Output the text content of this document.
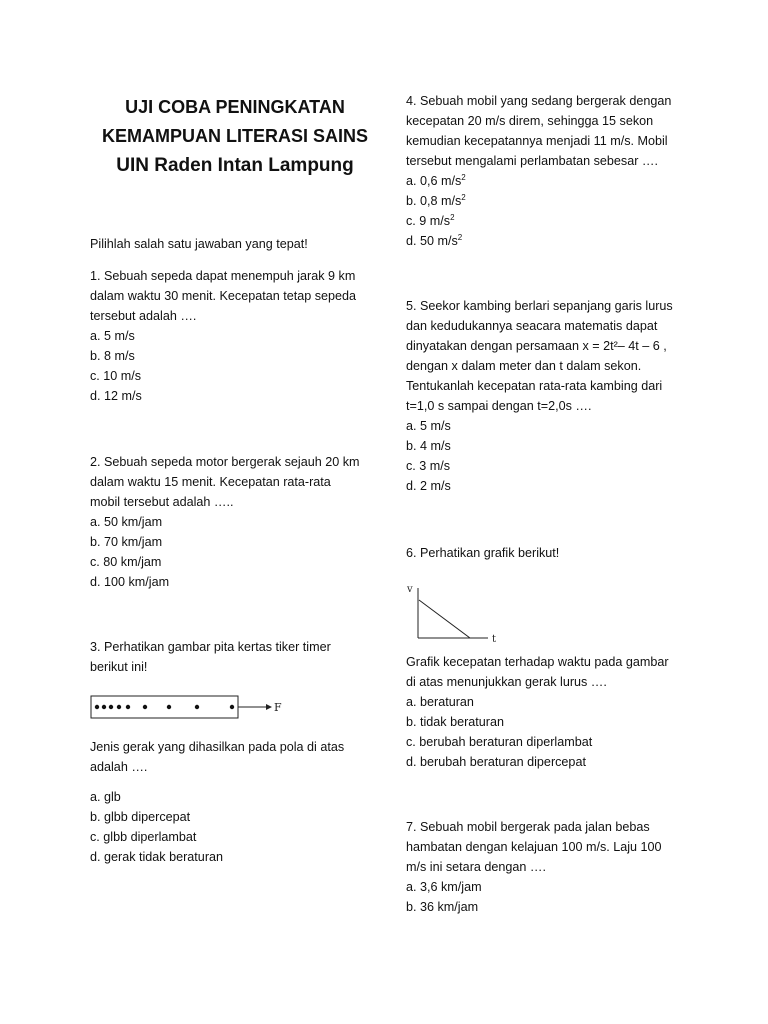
UJI COBA PENINGKATAN
KEMAMPUAN LITERASI SAINS
UIN Raden Intan Lampung

Pilihlah salah satu jawaban yang tepat!

1. Sebuah sepeda dapat menempuh jarak 9 km

dalam waktu 30 menit. Kecepatan tetap sepeda

tersebut adalah ….

a. 5 m/s
b. 8 m/s
c. 10 m/s
d. 12 m/s

2. Sebuah sepeda motor bergerak sejauh 20 km

dalam waktu 15 menit. Kecepatan rata-rata

mobil tersebut adalah …..

a. 50 km/jam
b. 70 km/jam
c. 80 km/jam
d. 100 km/jam

3. Perhatikan gambar pita kertas tiker timer

berikut ini!

F

Jenis gerak yang dihasilkan pada pola di atas

adalah ….

a. glb
b. glbb dipercepat
c. glbb diperlambat
d. gerak tidak beraturan

4. Sebuah mobil yang sedang bergerak dengan

kecepatan 20 m/s direm, sehingga 15 sekon

kemudian kecepatannya menjadi 11 m/s. Mobil

tersebut mengalami perlambatan sebesar ….

a. 0,6 $m/s^2$
b. 0,8 $m/s^2$
c. 9 $m/s^2$
d. 50 $m/s^2$

5. Seekor kambing berlari sepanjang garis lurus

dan kedudukannya seacara matematis dapat

dinyatakan dengan persamaan x = 2t²– 4t – 6 ,

dengan x dalam meter dan t dalam sekon.

Tentukanlah kecepatan rata-rata kambing dari

t=1,0 s sampai dengan t=2,0s ….

a. 5 m/s
b. 4 m/s
c. 3 m/s
d. 2 m/s

6. Perhatikan grafik berikut!

v
t

Grafik kecepatan terhadap waktu pada gambar

di atas menunjukkan gerak lurus ….

a. beraturan
b. tidak beraturan
c. berubah beraturan diperlambat
d. berubah beraturan dipercepat

7. Sebuah mobil bergerak pada jalan bebas

hambatan dengan kelajuan 100 m/s. Laju 100

m/s ini setara dengan ….

a. 3,6 km/jam
b. 36 km/jam
